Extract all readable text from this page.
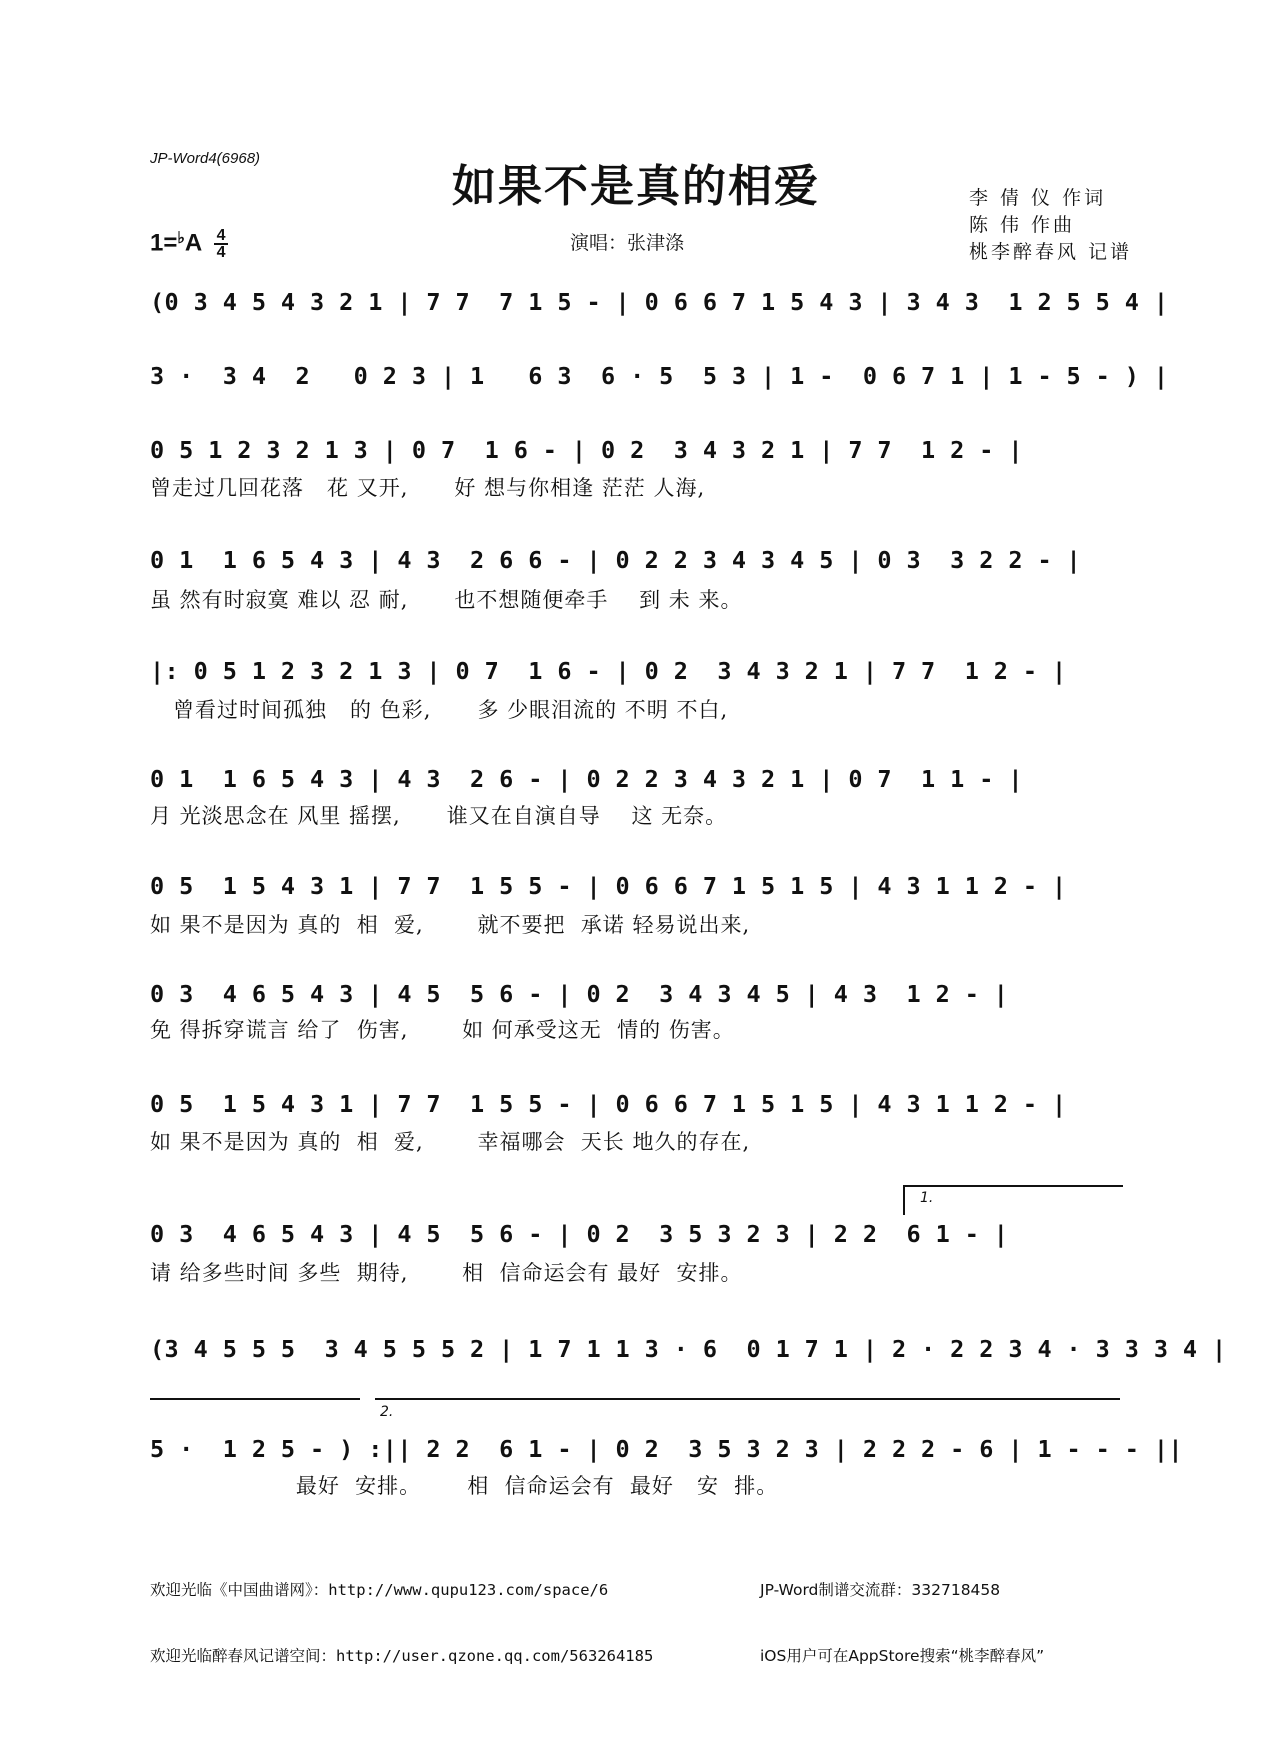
JP-Word4(6968)
如果不是真的相爱	李 倩 仪 作词
陈 伟 作曲
桃李醉春风 记谱
$1=^♭A \frac{4}{4}$	演唱：张津涤
(0 3 4 5 4 3 2 1 | 7 7  7 1 5 - | 0 6 6 7 1 5 4 3 | 3 4 3  1 2 5 5 4 |
3 ·  3 4  2   0 2 3 | 1   6 3  6 · 5  5 3 | 1 -  0 6 7 1 | 1 - 5 - ) |
0 5 1 2 3 2 1 3 | 0 7  1 6 - | 0 2  3 4 3 2 1 | 7 7  1 2 - |
曾走过几回花落   花 又开,      好 想与你相逢 茫茫 人海,
0 1  1 6 5 4 3 | 4 3  2 6 6 - | 0 2 2 3 4 3 4 5 | 0 3  3 2 2 - |
虽 然有时寂寞 难以 忍 耐,      也不想随便牵手    到 未 来。
|: 0 5 1 2 3 2 1 3 | 0 7  1 6 - | 0 2  3 4 3 2 1 | 7 7  1 2 - |
曾看过时间孤独   的 色彩,      多 少眼泪流的 不明 不白,
0 1  1 6 5 4 3 | 4 3  2 6 - | 0 2 2 3 4 3 2 1 | 0 7  1 1 - |
月 光淡思念在 风里 摇摆,      谁又在自演自导    这 无奈。
0 5  1 5 4 3 1 | 7 7  1 5 5 - | 0 6 6 7 1 5 1 5 | 4 3 1 1 2 - |
如 果不是因为 真的  相  爱,       就不要把  承诺 轻易说出来,
0 3  4 6 5 4 3 | 4 5  5 6 - | 0 2  3 4 3 4 5 | 4 3  1 2 - |
免 得拆穿谎言 给了  伤害,       如 何承受这无  情的 伤害。
0 5  1 5 4 3 1 | 7 7  1 5 5 - | 0 6 6 7 1 5 1 5 | 4 3 1 1 2 - |
如 果不是因为 真的  相  爱,       幸福哪会  天长 地久的存在,
1.
0 3  4 6 5 4 3 | 4 5  5 6 - | 0 2  3 5 3 2 3 | 2 2  6 1 - |
请 给多些时间 多些  期待,       相  信命运会有 最好  安排。
(3 4 5 5 5  3 4 5 5 5 2 | 1 7 1 1 3 · 6  0 1 7 1 | 2 · 2 2 3 4 · 3 3 3 4 |
2.
5 ·  1 2 5 - ) :|| 2 2  6 1 - | 0 2  3 5 3 2 3 | 2 2 2 - 6 | 1 - - - ||
最好  安排。      相  信命运会有  最好   安  排。

欢迎光临《中国曲谱网》：http://www.qupu123.com/space/6

欢迎光临醉春风记谱空间：http://user.qzone.qq.com/563264185

JP-Word制谱交流群：332718458

iOS用户可在AppStore搜索“桃李醉春风”
